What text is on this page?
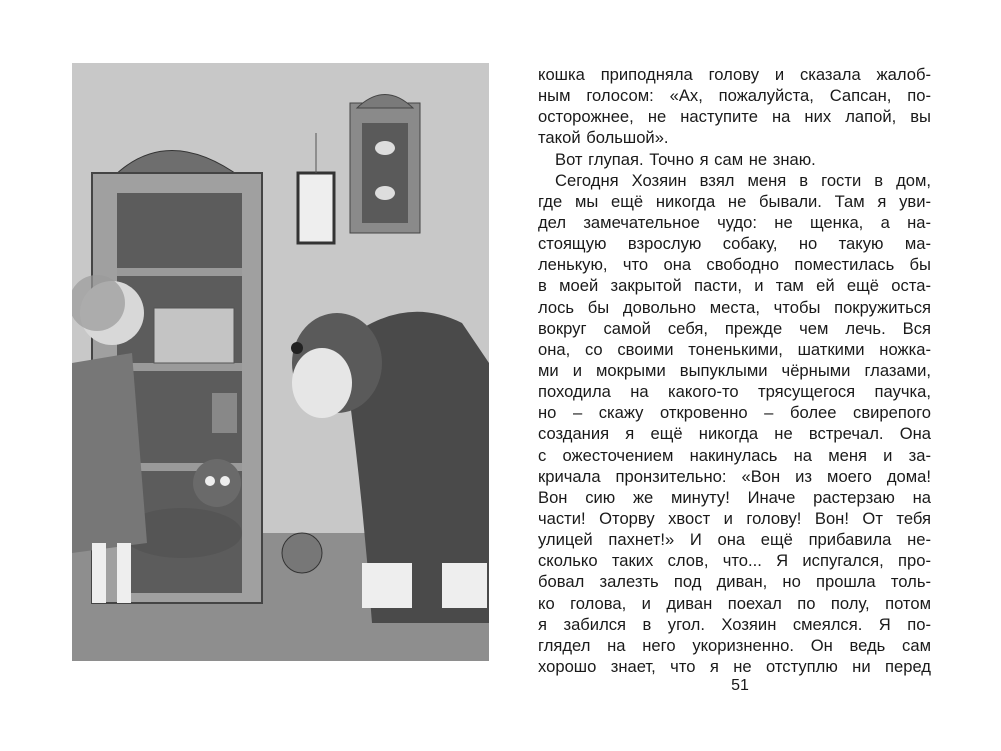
кошка приподняла голову и сказала жалоб-
ным голосом: «Ах, пожалуйста, Сапсан, по-
осторожнее, не наступите на них лапой, вы
такой большой».
Вот глупая. Точно я сам не знаю.
Сегодня Хозяин взял меня в гости в дом,
где мы ещё никогда не бывали. Там я уви-
дел замечательное чудо: не щенка, а на-
стоящую взрослую собаку, но такую ма-
ленькую, что она свободно поместилась бы
в моей закрытой пасти, и там ей ещё оста-
лось бы довольно места, чтобы покружиться
вокруг самой себя, прежде чем лечь. Вся
она, со своими тоненькими, шаткими ножка-
ми и мокрыми выпуклыми чёрными глазами,
походила на какого-то трясущегося паучка,
но – скажу откровенно – более свирепого
создания я ещё никогда не встречал. Она
с ожесточением накинулась на меня и за-
кричала пронзительно: «Вон из моего дома!
Вон сию же минуту! Иначе растерзаю на
части! Оторву хвост и голову! Вон! От тебя
улицей пахнет!» И она ещё прибавила не-
сколько таких слов, что... Я испугался, про-
бовал залезть под диван, но прошла толь-
ко голова, и диван поехал по полу, потом
я забился в угол. Хозяин смеялся. Я по-
глядел на него укоризненно. Он ведь сам
хорошо знает, что я не отступлю ни перед
51
